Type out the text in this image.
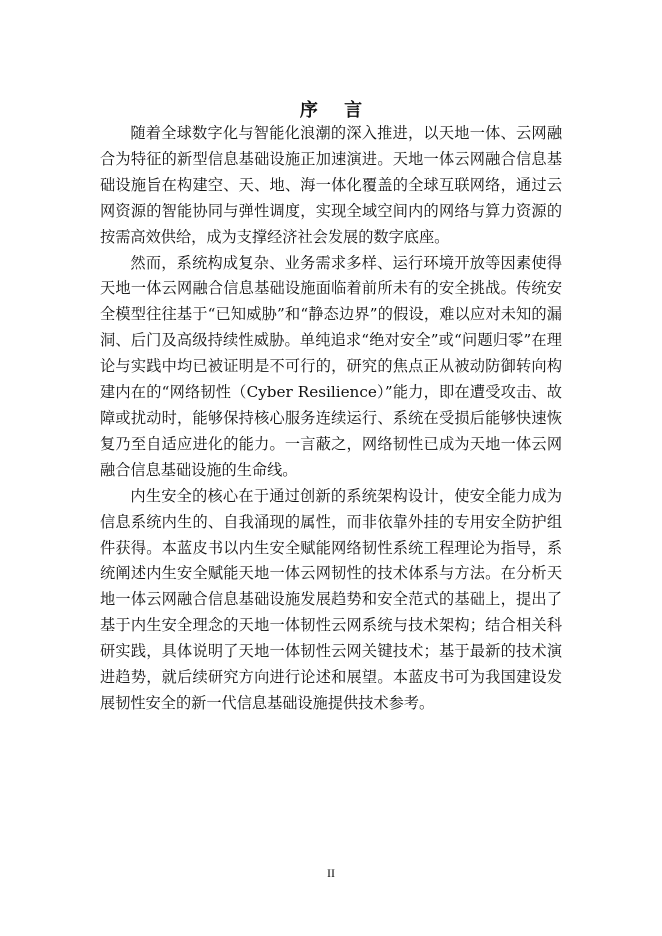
序 言

随着全球数字化与智能化浪潮的深入推进，以天地一体、云网融合为特征的新型信息基础设施正加速演进。天地一体云网融合信息基础设施旨在构建空、天、地、海一体化覆盖的全球互联网络，通过云网资源的智能协同与弹性调度，实现全域空间内的网络与算力资源的按需高效供给，成为支撑经济社会发展的数字底座。

然而，系统构成复杂、业务需求多样、运行环境开放等因素使得天地一体云网融合信息基础设施面临着前所未有的安全挑战。传统安全模型往往基于“已知威胁”和“静态边界”的假设，难以应对未知的漏洞、后门及高级持续性威胁。单纯追求“绝对安全”或“问题归零”在理论与实践中均已被证明是不可行的，研究的焦点正从被动防御转向构建内在的“网络韧性（Cyber Resilience）”能力，即在遭受攻击、故障或扰动时，能够保持核心服务连续运行、系统在受损后能够快速恢复乃至自适应进化的能力。一言蔽之，网络韧性已成为天地一体云网融合信息基础设施的生命线。

内生安全的核心在于通过创新的系统架构设计，使安全能力成为信息系统内生的、自我涌现的属性，而非依靠外挂的专用安全防护组件获得。本蓝皮书以内生安全赋能网络韧性系统工程理论为指导，系统阐述内生安全赋能天地一体云网韧性的技术体系与方法。在分析天地一体云网融合信息基础设施发展趋势和安全范式的基础上，提出了基于内生安全理念的天地一体韧性云网系统与技术架构；结合相关科研实践，具体说明了天地一体韧性云网关键技术；基于最新的技术演进趋势，就后续研究方向进行论述和展望。本蓝皮书可为我国建设发展韧性安全的新一代信息基础设施提供技术参考。

II
